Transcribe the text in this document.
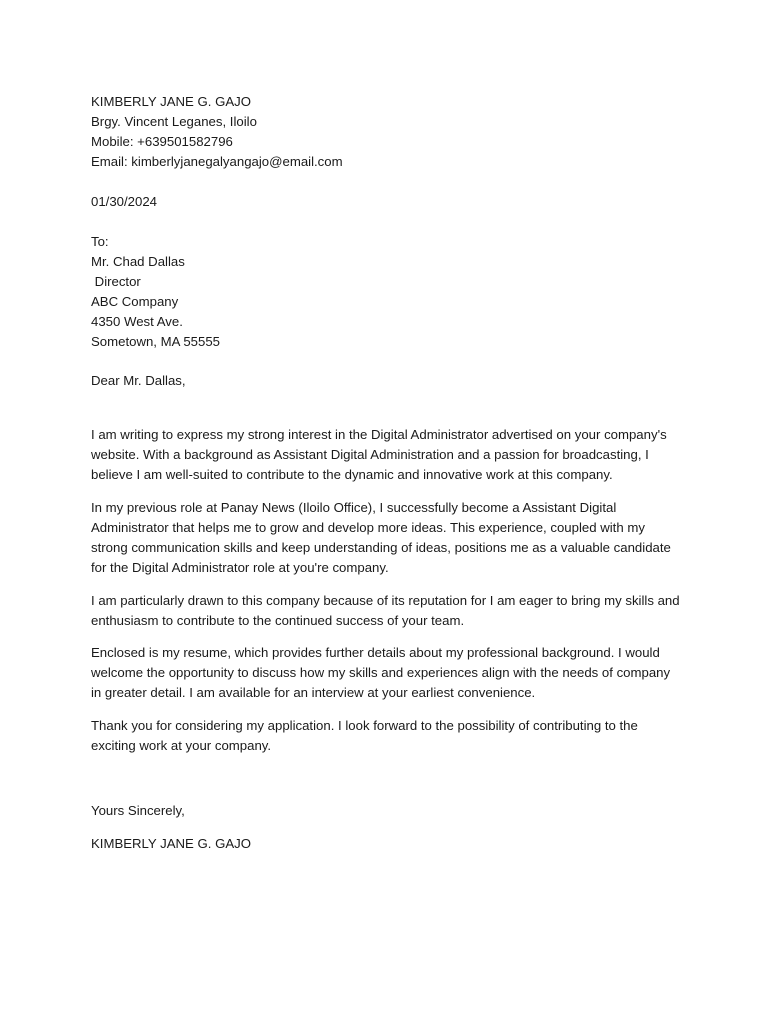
KIMBERLY JANE G. GAJO
Brgy. Vincent Leganes, Iloilo
Mobile: +639501582796
Email: kimberlyjanegalyangajo@email.com
01/30/2024
To:
Mr. Chad Dallas
Director
ABC Company
4350 West Ave.
Sometown, MA 55555
Dear Mr. Dallas,
I am writing to express my strong interest in the Digital Administrator advertised on your company's website. With a background as Assistant Digital Administration and a passion for broadcasting, I believe I am well-suited to contribute to the dynamic and innovative work at this company.
In my previous role at Panay News (Iloilo Office), I successfully become a Assistant Digital Administrator that helps me to grow and develop more ideas. This experience, coupled with my strong communication skills and keep understanding of ideas, positions me as a valuable candidate for the Digital Administrator role at you're company.
I am particularly drawn to this company because of its reputation for I am eager to bring my skills and enthusiasm to contribute to the continued success of your team.
Enclosed is my resume, which provides further details about my professional background. I would welcome the opportunity to discuss how my skills and experiences align with the needs of company in greater detail. I am available for an interview at your earliest convenience.
Thank you for considering my application. I look forward to the possibility of contributing to the exciting work at your company.
Yours Sincerely,
KIMBERLY JANE G. GAJO
